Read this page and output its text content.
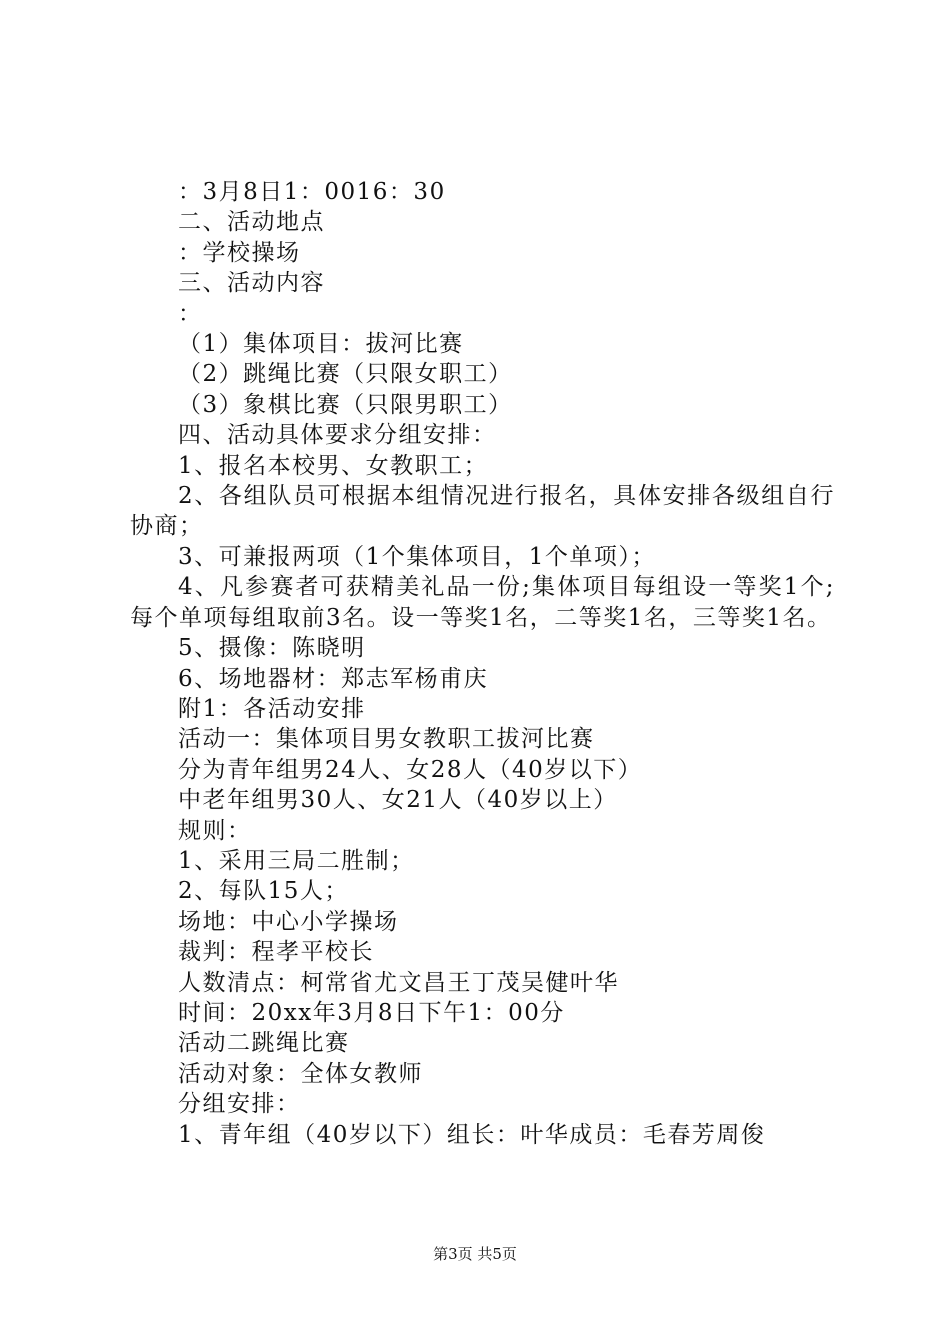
：3月8日1：0016：30
二、活动地点
：学校操场
三、活动内容
：
（1）集体项目：拔河比赛
（2）跳绳比赛（只限女职工）
（3）象棋比赛（只限男职工）
四、活动具体要求分组安排：
1、报名本校男、女教职工；
2、各组队员可根据本组情况进行报名，具体安排各级组自行协商；
3、可兼报两项（1个集体项目，1个单项）；
4、凡参赛者可获精美礼品一份;集体项目每组设一等奖1个;每个单项每组取前3名。设一等奖1名，二等奖1名，三等奖1名。
5、摄像：陈晓明
6、场地器材：郑志军杨甫庆
附1：各活动安排
活动一：集体项目男女教职工拔河比赛
分为青年组男24人、女28人（40岁以下）
中老年组男30人、女21人（40岁以上）
规则：
1、采用三局二胜制；
2、每队15人；
场地：中心小学操场
裁判：程孝平校长
人数清点：柯常省尤文昌王丁茂吴健叶华
时间：20xx年3月8日下午1：00分
活动二跳绳比赛
活动对象：全体女教师
分组安排：
1、青年组（40岁以下）组长：叶华成员：毛春芳周俊
第3页 共5页
